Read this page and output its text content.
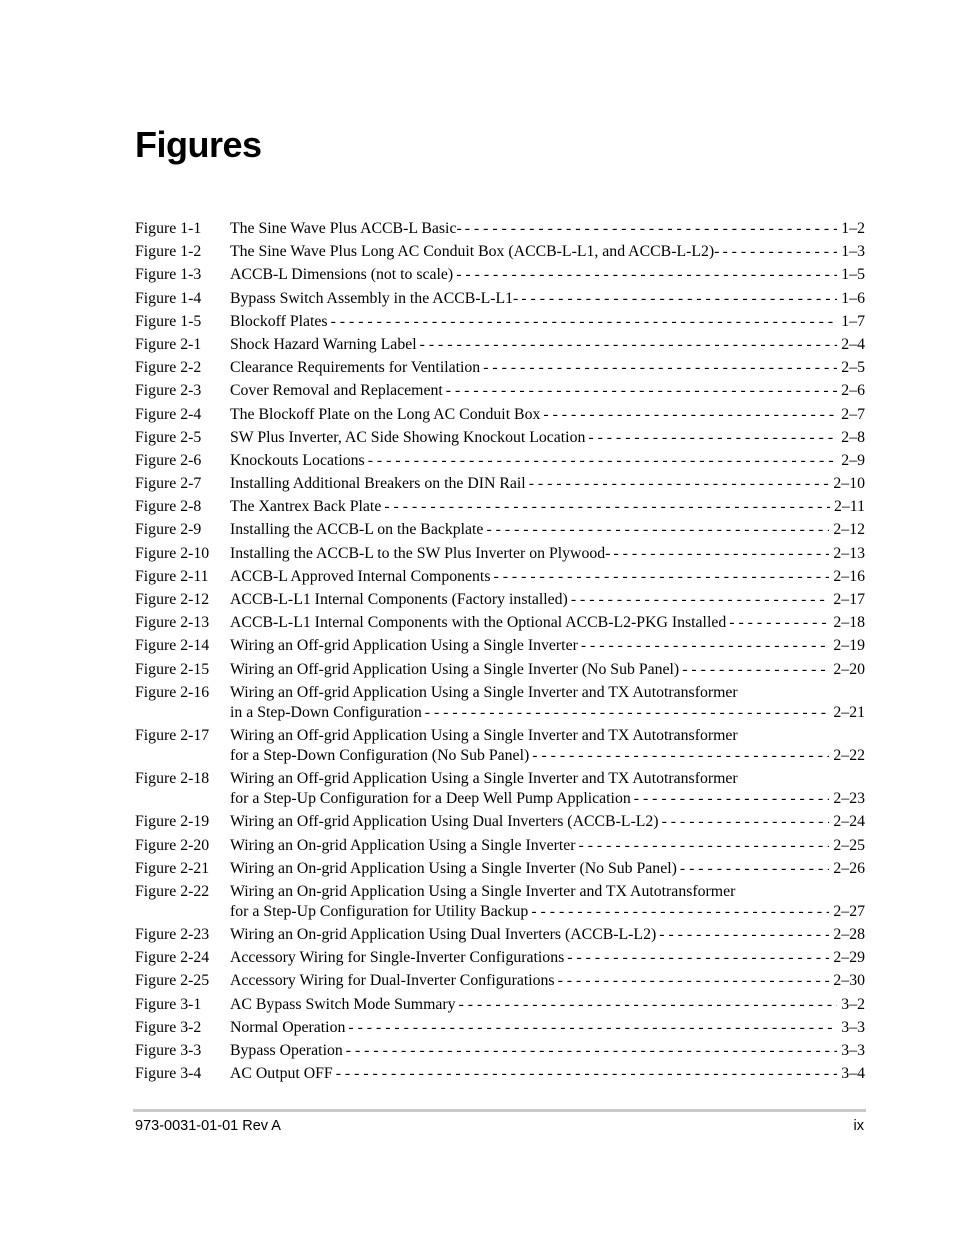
Figures
Figure 1-1	The Sine Wave Plus ACCB-L Basic- - - -	1–2
Figure 1-2	The Sine Wave Plus Long AC Conduit Box (ACCB-L-L1, and ACCB-L-L2)- - - -	1–3
Figure 1-3	ACCB-L Dimensions (not to scale) - - -	1–5
Figure 1-4	Bypass Switch Assembly in the ACCB-L-L1- - - -	1–6
Figure 1-5	Blockoff Plates - - -	1–7
Figure 2-1	Shock Hazard Warning Label - - -	2–4
Figure 2-2	Clearance Requirements for Ventilation - - -	2–5
Figure 2-3	Cover Removal and Replacement - - -	2–6
Figure 2-4	The Blockoff Plate on the Long AC Conduit Box - - -	2–7
Figure 2-5	SW Plus Inverter, AC Side Showing Knockout Location - - -	2–8
Figure 2-6	Knockouts Locations - - -	2–9
Figure 2-7	Installing Additional Breakers on the DIN Rail - - -	2–10
Figure 2-8	The Xantrex Back Plate - - -	2–11
Figure 2-9	Installing the ACCB-L on the Backplate - - -	2–12
Figure 2-10	Installing the ACCB-L to the SW Plus Inverter on Plywood- - - -	2–13
Figure 2-11	ACCB-L Approved Internal Components - - -	2–16
Figure 2-12	ACCB-L-L1 Internal Components (Factory installed) - - -	2–17
Figure 2-13	ACCB-L-L1 Internal Components with the Optional ACCB-L2-PKG Installed - - -	2–18
Figure 2-14	Wiring an Off-grid Application Using a Single Inverter - - -	2–19
Figure 2-15	Wiring an Off-grid Application Using a Single Inverter (No Sub Panel) - - -	2–20
Figure 2-16	Wiring an Off-grid Application Using a Single Inverter and TX Autotransformer
in a Step-Down Configuration - - -	2–21
Figure 2-17	Wiring an Off-grid Application Using a Single Inverter and TX Autotransformer
for a Step-Down Configuration (No Sub Panel) - - -	2–22
Figure 2-18	Wiring an Off-grid Application Using a Single Inverter and TX Autotransformer
for a Step-Up Configuration for a Deep Well Pump Application - - -	2–23
Figure 2-19	Wiring an Off-grid Application Using Dual Inverters (ACCB-L-L2) - - -	2–24
Figure 2-20	Wiring an On-grid Application Using a Single Inverter - - -	2–25
Figure 2-21	Wiring an On-grid Application Using a Single Inverter (No Sub Panel) - - -	2–26
Figure 2-22	Wiring an On-grid Application Using a Single Inverter and TX Autotransformer
for a Step-Up Configuration for Utility Backup - - -	2–27
Figure 2-23	Wiring an On-grid Application Using Dual Inverters (ACCB-L-L2) - - -	2–28
Figure 2-24	Accessory Wiring for Single-Inverter Configurations - - -	2–29
Figure 2-25	Accessory Wiring for Dual-Inverter Configurations - - -	2–30
Figure 3-1	AC Bypass Switch Mode Summary - - -	3–2
Figure 3-2	Normal Operation - - -	3–3
Figure 3-3	Bypass Operation - - -	3–3
Figure 3-4	AC Output OFF - - -	3–4
973-0031-01-01 Rev A	ix
